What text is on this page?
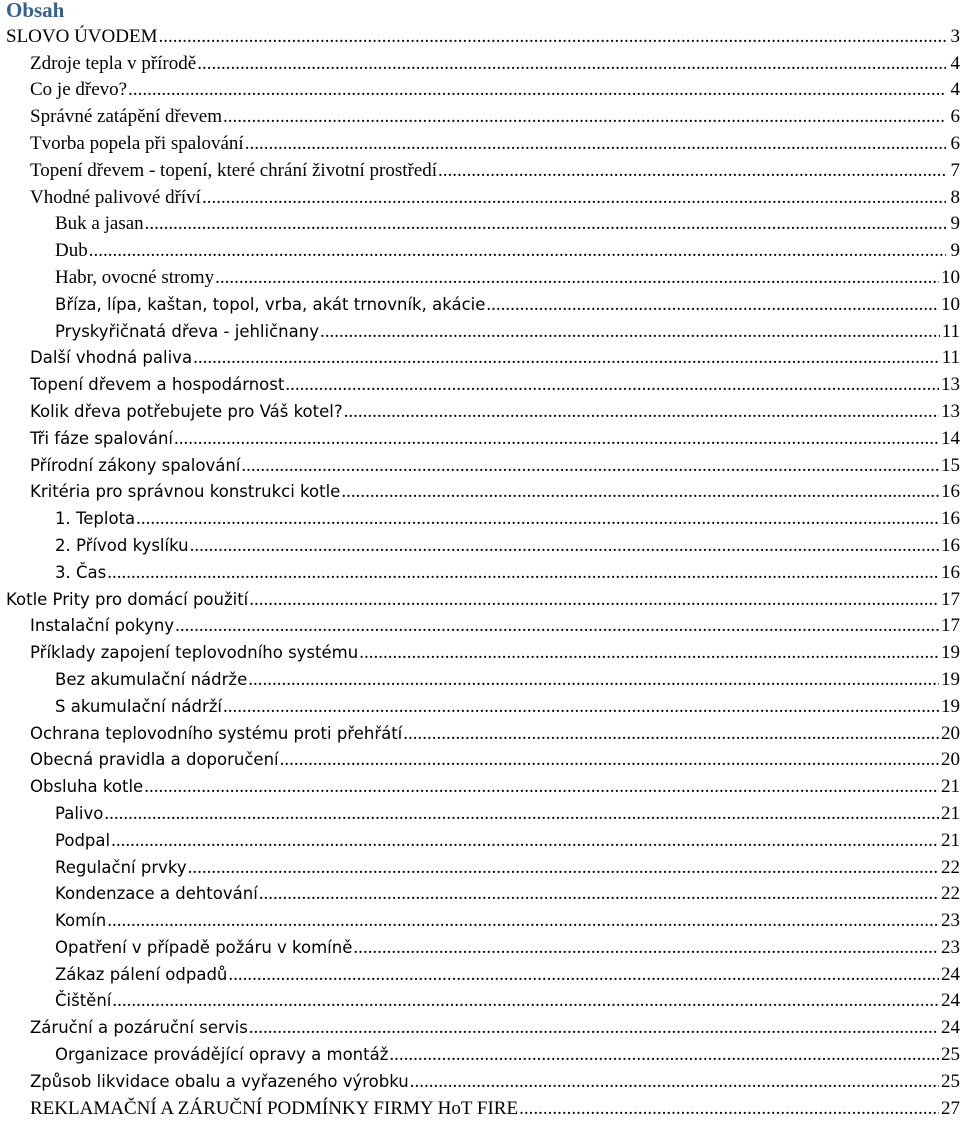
Obsah
SLOVO ÚVODEM .....	3
Zdroje tepla v přírodě .....	4
Co je dřevo? .....	4
Správné zatápění dřevem .....	6
Tvorba popela při spalování .....	6
Topení dřevem - topení, které chrání životní prostředí .....	7
Vhodné palivové dříví .....	8
Buk a jasan .....	9
Dub .....	9
Habr, ovocné stromy .....	10
Bříza, lípa, kaštan, topol, vrba, akát trnovník, akácie .....	10
Pryskyřičnatá dřeva - jehličnany .....	11
Další vhodná paliva .....	11
Topení dřevem a hospodárnost .....	13
Kolik dřeva potřebujete pro Váš kotel? .....	13
Tři fáze spalování .....	14
Přírodní zákony spalování .....	15
Kritéria pro správnou konstrukci kotle .....	16
1. Teplota .....	16
2. Přívod kyslíku .....	16
3. Čas .....	16
Kotle Prity pro domácí použití .....	17
Instalační pokyny .....	17
Příklady zapojení teplovodního systému .....	19
Bez akumulační nádrže .....	19
S akumulační nádrží .....	19
Ochrana teplovodního systému proti přehřátí .....	20
Obecná pravidla a doporučení .....	20
Obsluha kotle .....	21
Palivo .....	21
Podpal .....	21
Regulační prvky .....	22
Kondenzace a dehtování .....	22
Komín .....	23
Opatření v případě požáru v komíně .....	23
Zákaz pálení odpadů .....	24
Čištění .....	24
Záruční a pozáruční servis .....	24
Organizace provádějící opravy a montáž .....	25
Způsob likvidace obalu a vyřazeného výrobku .....	25
REKLAMAČNÍ A ZÁRUČNÍ PODMÍNKY FIRMY HoT FIRE .....	27
